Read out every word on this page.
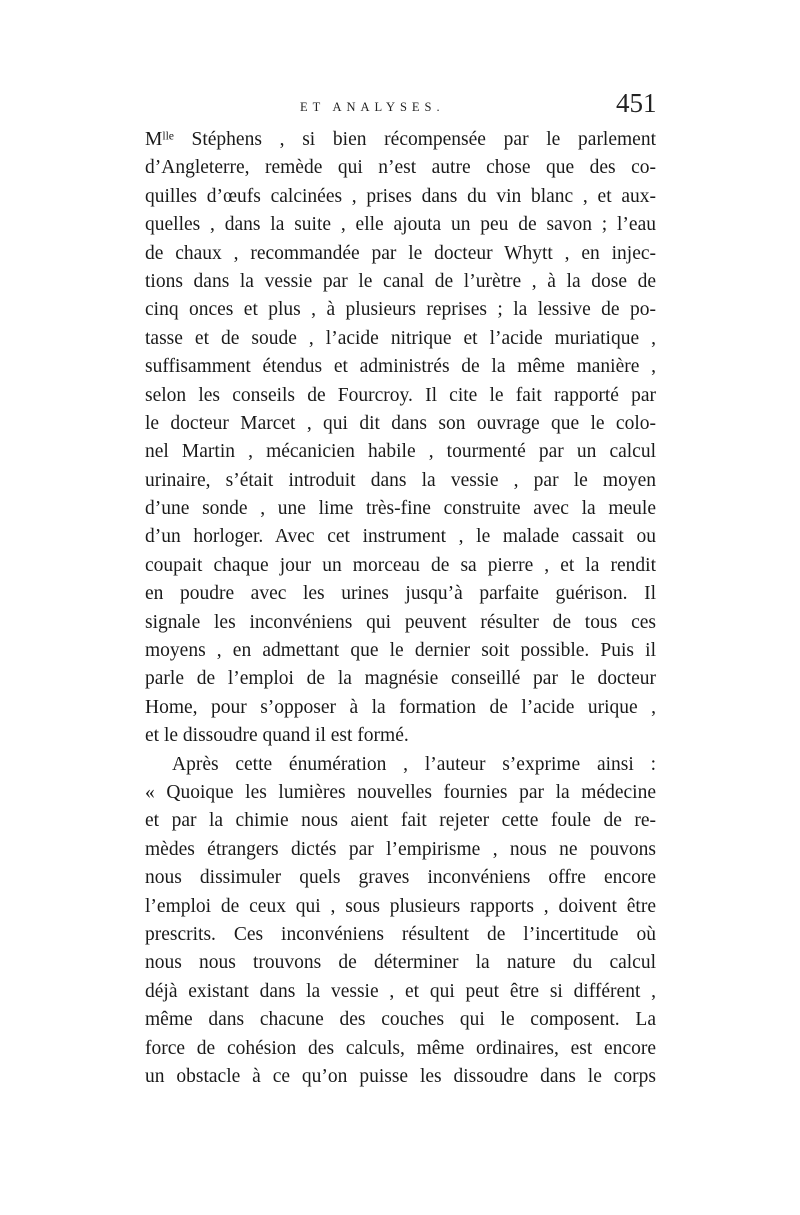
ET ANALYSES.	451
Mˡˡᵉ Stéphens , si bien récompensée par le parlement
d’Angleterre, remède qui n’est autre chose que des co-
quilles d’œufs calcinées , prises dans du vin blanc , et aux-
quelles , dans la suite , elle ajouta un peu de savon ; l’eau
de chaux , recommandée par le docteur Whytt , en injec-
tions dans la vessie par le canal de l’urètre , à la dose de
cinq onces et plus , à plusieurs reprises ; la lessive de po-
tasse et de soude , l’acide nitrique et l’acide muriatique ,
suffisamment étendus et administrés de la même manière ,
selon les conseils de Fourcroy. Il cite le fait rapporté par
le docteur Marcet , qui dit dans son ouvrage que le colo-
nel Martin , mécanicien habile , tourmenté par un calcul
urinaire, s’était introduit dans la vessie , par le moyen
d’une sonde , une lime très-fine construite avec la meule
d’un horloger. Avec cet instrument , le malade cassait ou
coupait chaque jour un morceau de sa pierre , et la rendit
en poudre avec les urines jusqu’à parfaite guérison. Il
signale les inconvéniens qui peuvent résulter de tous ces
moyens , en admettant que le dernier soit possible. Puis il
parle de l’emploi de la magnésie conseillé par le docteur
Home, pour s’opposer à la formation de l’acide urique ,
et le dissoudre quand il est formé.
Après cette énumération , l’auteur s’exprime ainsi :
« Quoique les lumières nouvelles fournies par la médecine
et par la chimie nous aient fait rejeter cette foule de re-
mèdes étrangers dictés par l’empirisme , nous ne pouvons
nous dissimuler quels graves inconvéniens offre encore
l’emploi de ceux qui , sous plusieurs rapports , doivent être
prescrits. Ces inconvéniens résultent de l’incertitude où
nous nous trouvons de déterminer la nature du calcul
déjà existant dans la vessie , et qui peut être si différent ,
même dans chacune des couches qui le composent. La
force de cohésion des calculs, même ordinaires, est encore
un obstacle à ce qu’on puisse les dissoudre dans le corps
